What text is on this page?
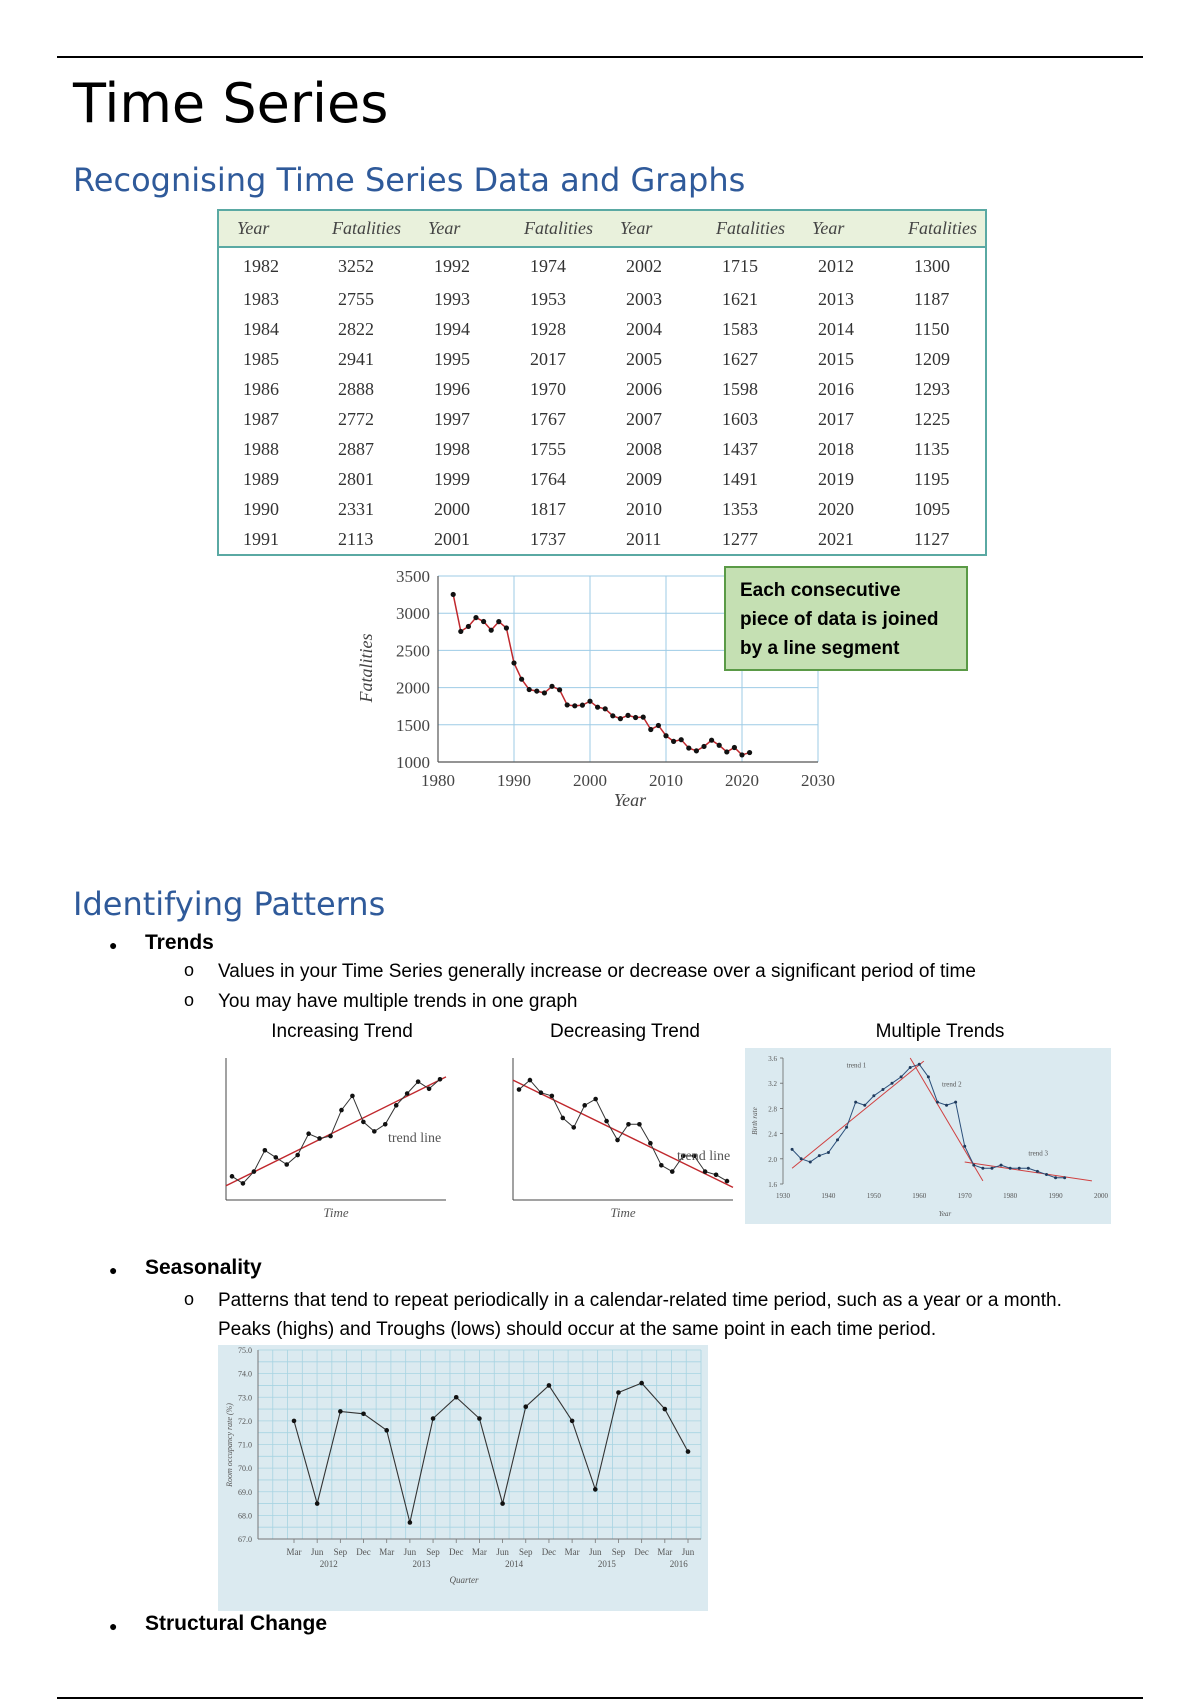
Time Series
Recognising Time Series Data and Graphs
Year	Fatalities	Year	Fatalities	Year	Fatalities	Year	Fatalities
1982	3252	1992	1974	2002	1715	2012	1300
1983	2755	1993	1953	2003	1621	2013	1187
1984	2822	1994	1928	2004	1583	2014	1150
1985	2941	1995	2017	2005	1627	2015	1209
1986	2888	1996	1970	2006	1598	2016	1293
1987	2772	1997	1767	2007	1603	2017	1225
1988	2887	1998	1755	2008	1437	2018	1135
1989	2801	1999	1764	2009	1491	2019	1195
1990	2331	2000	1817	2010	1353	2020	1095
1991	2113	2001	1737	2011	1277	2021	1127
1980 1990 2000 2010 2020 2030
1000
1500
2000
2500
3000
3500
Year
Fatalities
Each consecutive piece of data is joined by a line segment
Identifying Patterns
● Trends
o Values in your Time Series generally increase or decrease over a significant period of time
o You may have multiple trends in one graph
Increasing Trend	Decreasing Trend	Multiple Trends
trend line
Time
trend line
Time
1930	1940	1950	1960	1970	1980	1990	2000
1.6
2.0
2.4
2.8
3.2
3.6
Birth rate
Year
trend 1
trend 2
trend 3
● Seasonality
o Patterns that tend to repeat periodically in a calendar-related time period, such as a year or a month. Peaks (highs) and Troughs (lows) should occur at the same point in each time period.
67.0
68.0
69.0
70.0
71.0
72.0
73.0
74.0
75.0
Mar Jun Sep Dec Mar Jun Sep Dec Mar Jun Sep Dec Mar Jun Sep Dec Mar Jun
2012	2013	2014	2015	2016
Quarter
Room occupancy rate (%)
● Structural Change
